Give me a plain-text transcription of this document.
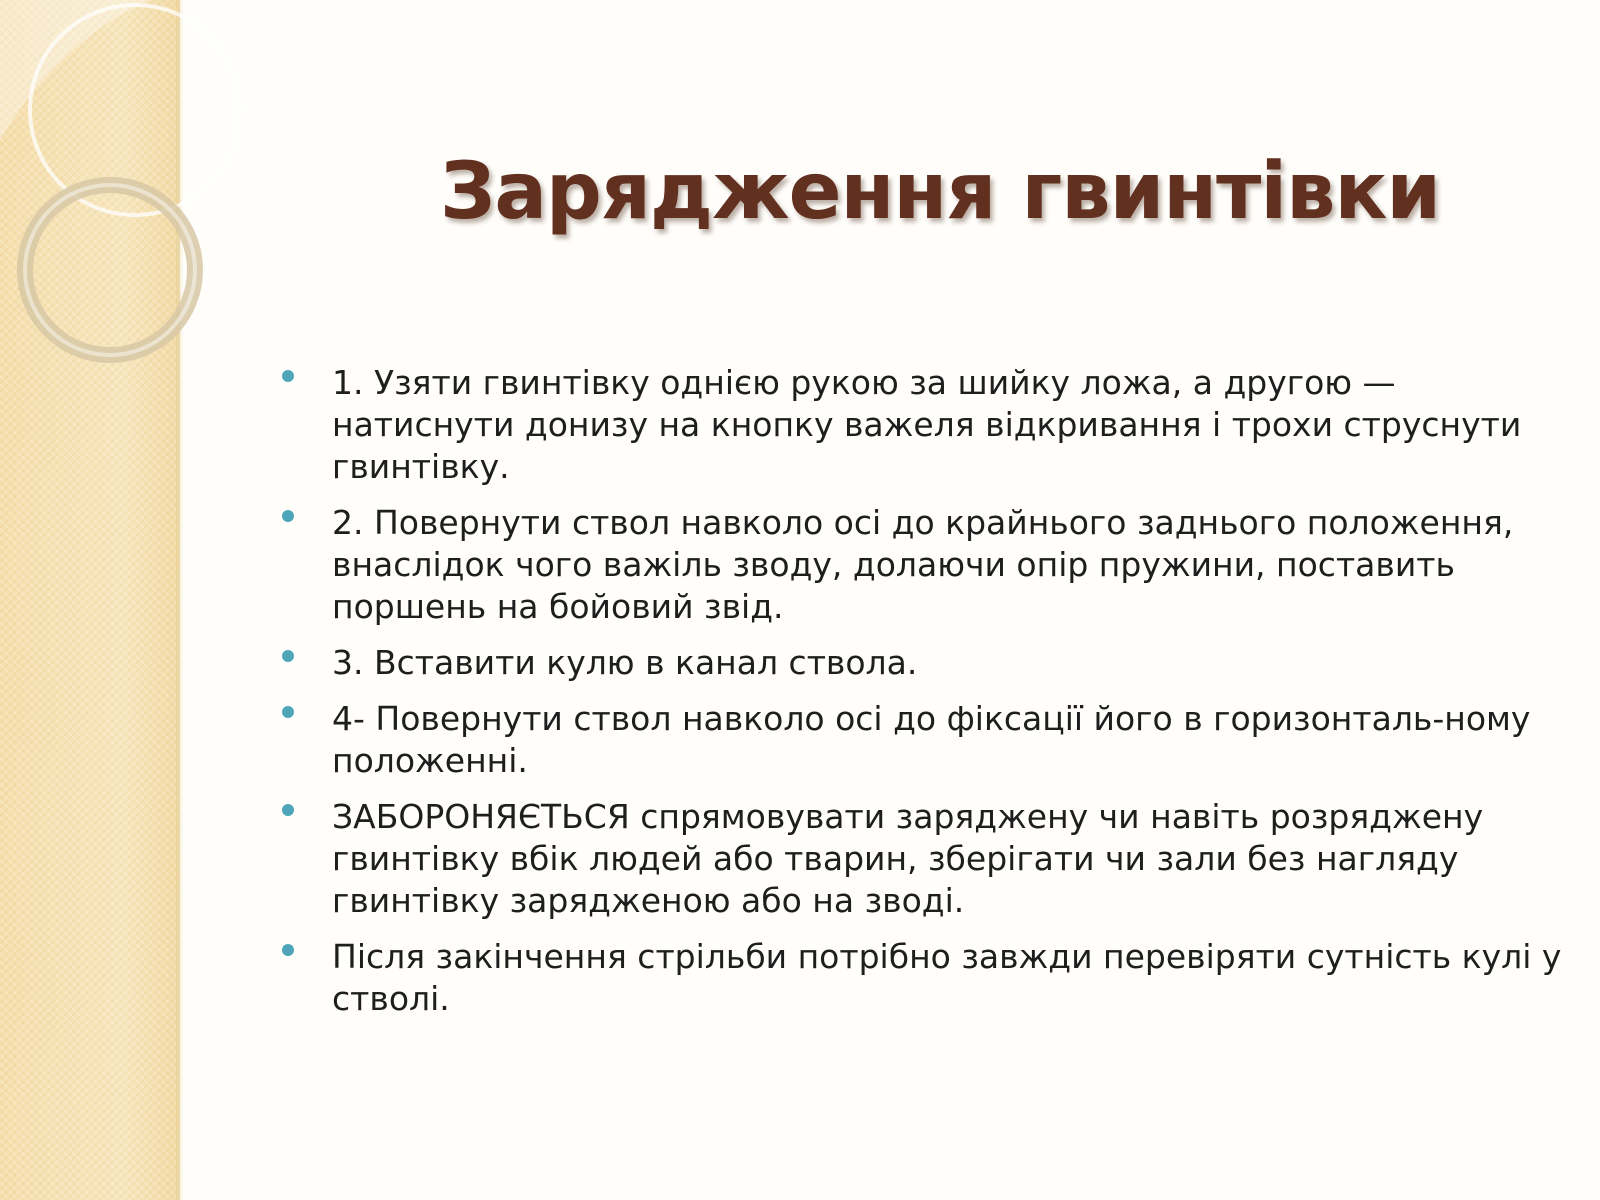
Зарядження гвинтівки
1. Узяти гвинтівку однією рукою за шийку ложа, а другою — натиснути донизу на кнопку важеля відкривання і трохи струснути гвинтівку.
2. Повернути ствол навколо осі до крайнього заднього положення, внаслідок чого важіль зводу, долаючи опір пружини, поставить поршень на бойовий звід.
3. Вставити кулю в канал ствола.
4- Повернути ствол навколо осі до фіксації його в горизонталь-ному положенні.
ЗАБОРОНЯЄТЬСЯ спрямовувати заряджену чи навіть розряджену гвинтівку вбік людей або тварин, зберігати чи зали без нагляду гвинтівку зарядженою або на зводі.
Після закінчення стрільби потрібно завжди перевіряти сутність кулі у стволі.
